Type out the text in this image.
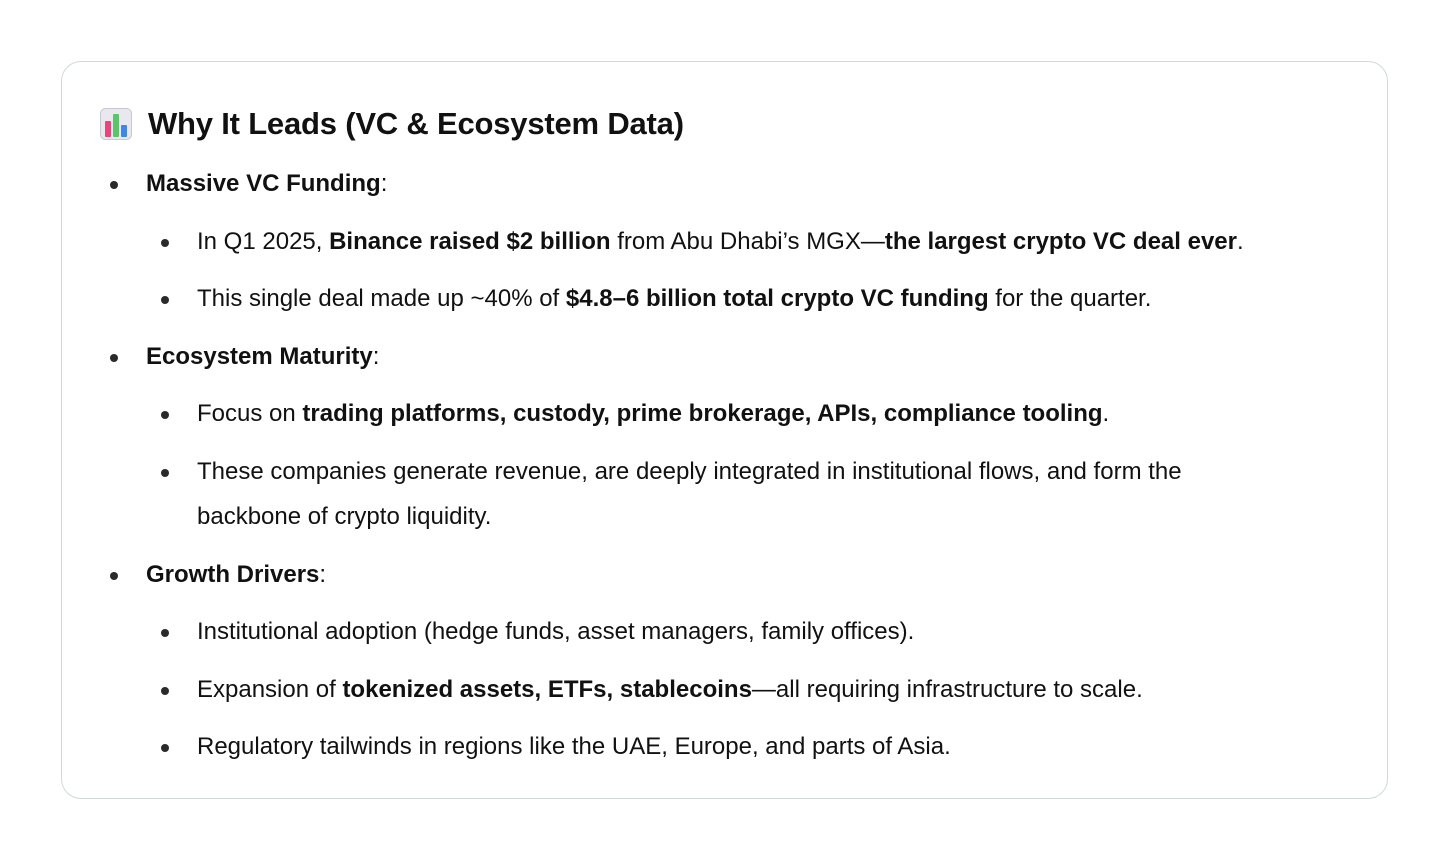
Why It Leads (VC & Ecosystem Data)
Massive VC Funding:
In Q1 2025, Binance raised $2 billion from Abu Dhabi’s MGX—the largest crypto VC deal ever.
This single deal made up ~40% of $4.8–6 billion total crypto VC funding for the quarter.
Ecosystem Maturity:
Focus on trading platforms, custody, prime brokerage, APIs, compliance tooling.
These companies generate revenue, are deeply integrated in institutional flows, and form the
backbone of crypto liquidity.
Growth Drivers:
Institutional adoption (hedge funds, asset managers, family offices).
Expansion of tokenized assets, ETFs, stablecoins—all requiring infrastructure to scale.
Regulatory tailwinds in regions like the UAE, Europe, and parts of Asia.
